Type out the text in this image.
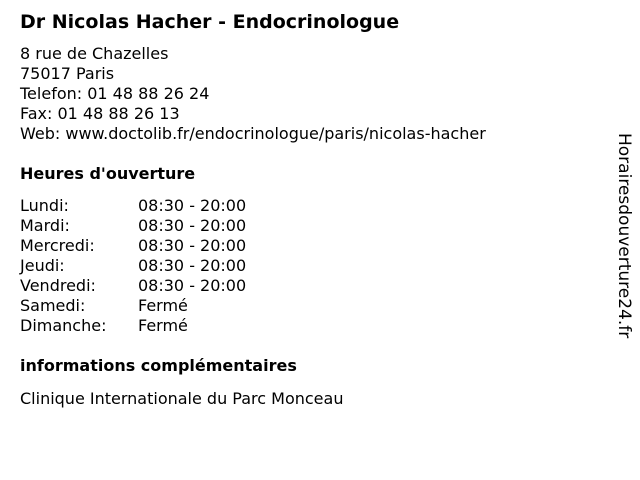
Dr Nicolas Hacher - Endocrinologue
8 rue de Chazelles
75017 Paris
Telefon: 01 48 88 26 24
Fax: 01 48 88 26 13
Web: www.doctolib.fr/endocrinologue/paris/nicolas-hacher
Heures d'ouverture
Lundi:	08:30 - 20:00
Mardi:	08:30 - 20:00
Mercredi:	08:30 - 20:00
Jeudi:	08:30 - 20:00
Vendredi:	08:30 - 20:00
Samedi:	Fermé
Dimanche:	Fermé
informations complémentaires
Clinique Internationale du Parc Monceau
Horairesdouverture24.fr
